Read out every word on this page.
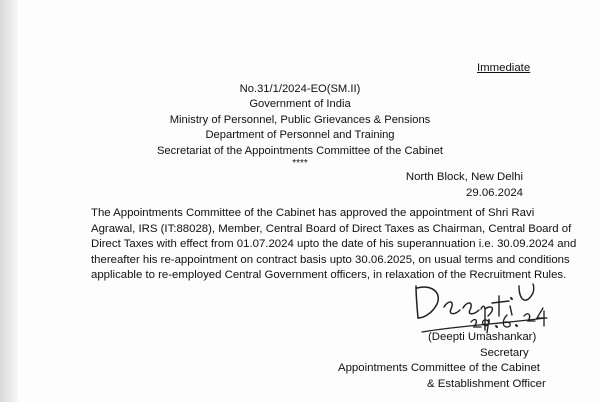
Immediate
No.31/1/2024-EO(SM.II)
Government of India
Ministry of Personnel, Public Grievances & Pensions
Department of Personnel and Training
Secretariat of the Appointments Committee of the Cabinet
****
North Block, New Delhi
29.06.2024
The Appointments Committee of the Cabinet has approved the appointment of Shri Ravi
Agrawal, IRS (IT:88028), Member, Central Board of Direct Taxes as Chairman, Central Board of
Direct Taxes with effect from 01.07.2024 upto the date of his superannuation i.e. 30.09.2024 and
thereafter his re-appointment on contract basis upto 30.06.2025, on usual terms and conditions
applicable to re-employed Central Government officers, in relaxation of the Recruitment Rules.
(Deepti Umashankar)
Secretary
Appointments Committee of the Cabinet
& Establishment Officer
